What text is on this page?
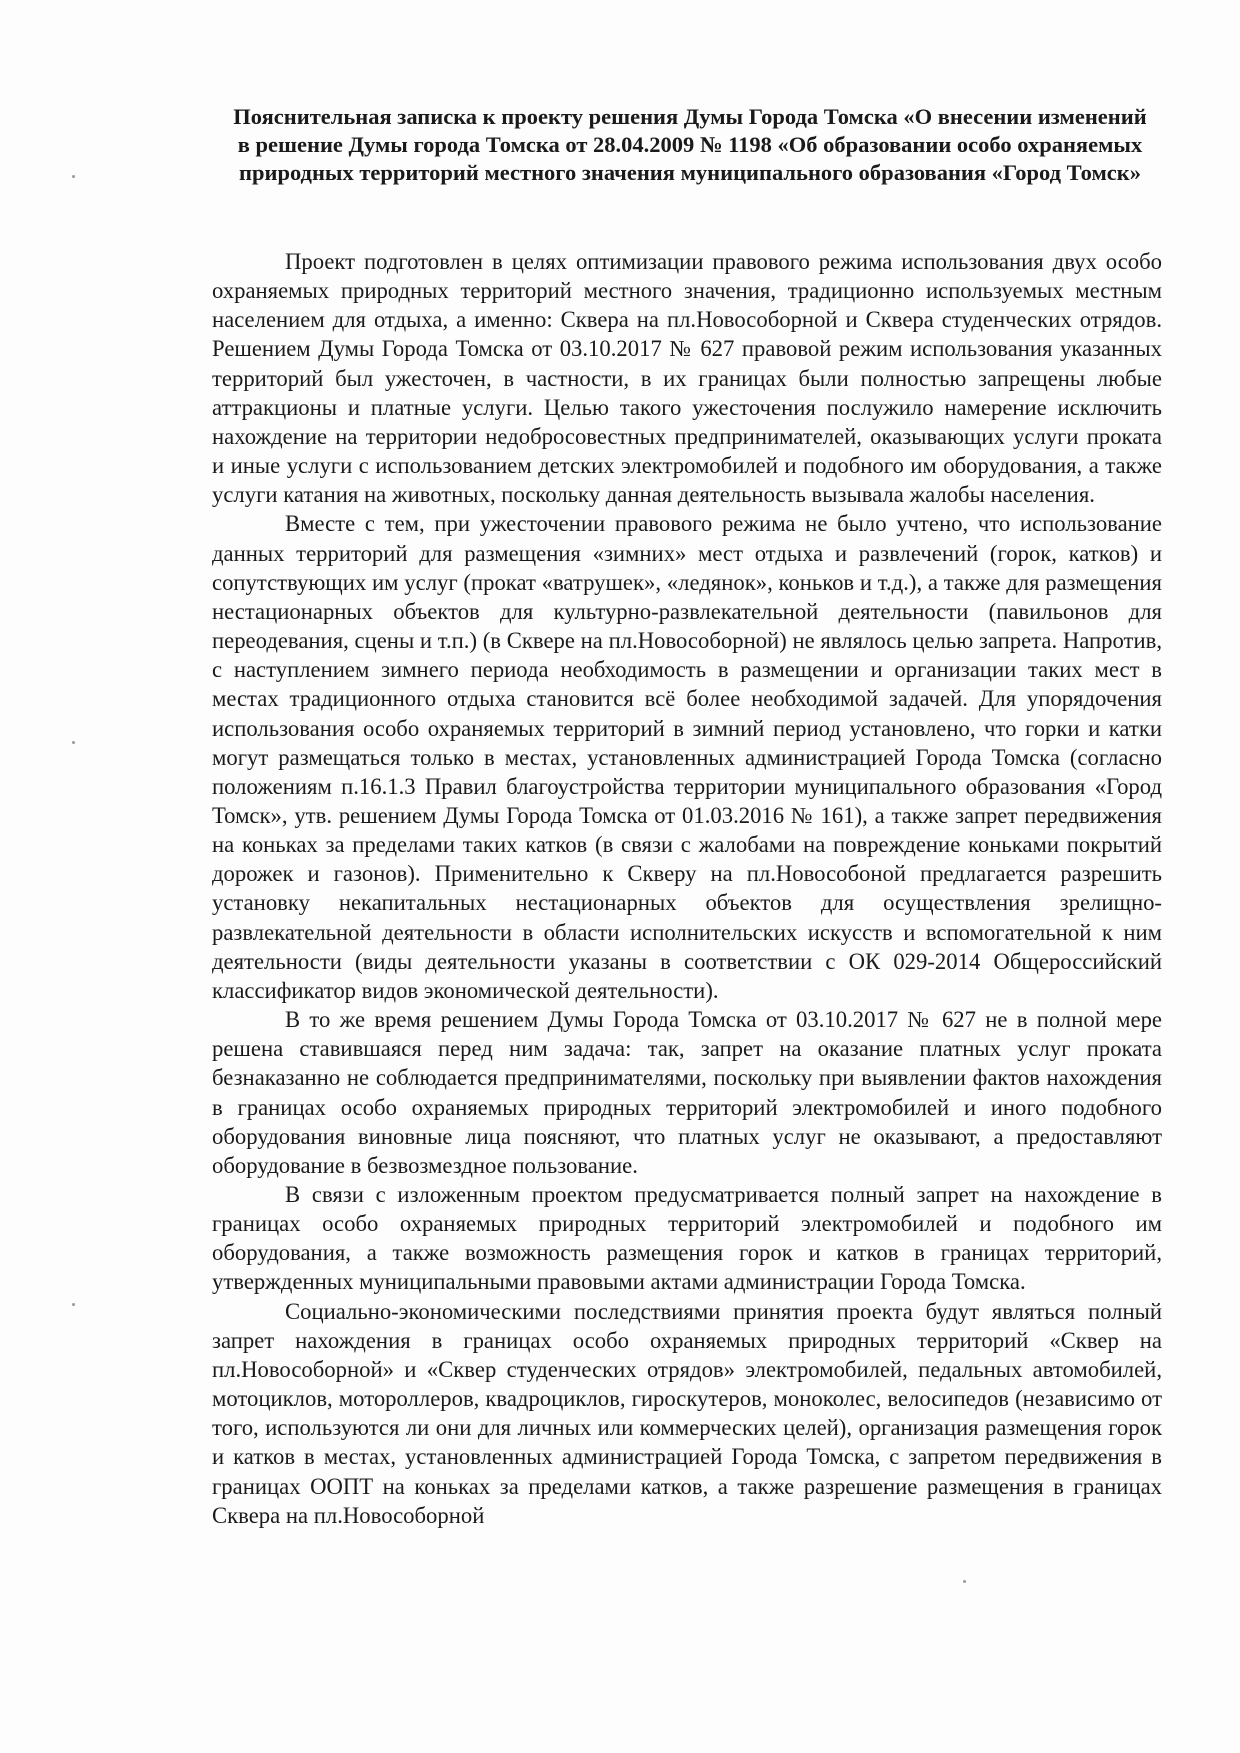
Пояснительная записка к проекту решения Думы Города Томска «О внесении изменений в решение Думы города Томска от 28.04.2009 № 1198 «Об образовании особо охраняемых природных территорий местного значения муниципального образования «Город Томск»

Проект подготовлен в целях оптимизации правового режима использования двух особо охраняемых природных территорий местного значения, традиционно используемых местным населением для отдыха, а именно: Сквера на пл.Новособорной и Сквера студенческих отрядов. Решением Думы Города Томска от 03.10.2017 № 627 правовой режим использования указанных территорий был ужесточен, в частности, в их границах были полностью запрещены любые аттракционы и платные услуги. Целью такого ужесточения послужило намерение исключить нахождение на территории недобросовестных предпринимателей, оказывающих услуги проката и иные услуги с использованием детских электромобилей и подобного им оборудования, а также услуги катания на животных, поскольку данная деятельность вызывала жалобы населения.

Вместе с тем, при ужесточении правового режима не было учтено, что использование данных территорий для размещения «зимних» мест отдыха и развлечений (горок, катков) и сопутствующих им услуг (прокат «ватрушек», «ледянок», коньков и т.д.), а также для размещения нестационарных объектов для культурно-развлекательной деятельности (павильонов для переодевания, сцены и т.п.) (в Сквере на пл.Новособорной) не являлось целью запрета. Напротив, с наступлением зимнего периода необходимость в размещении и организации таких мест в местах традиционного отдыха становится всё более необходимой задачей. Для упорядочения использования особо охраняемых территорий в зимний период установлено, что горки и катки могут размещаться только в местах, установленных администрацией Города Томска (согласно положениям п.16.1.3 Правил благоустройства территории муниципального образования «Город Томск», утв. решением Думы Города Томска от 01.03.2016 № 161), а также запрет передвижения на коньках за пределами таких катков (в связи с жалобами на повреждение коньками покрытий дорожек и газонов). Применительно к Скверу на пл.Новособоной предлагается разрешить установку некапитальных нестационарных объектов для осуществления зрелищно-развлекательной деятельности в области исполнительских искусств и вспомогательной к ним деятельности (виды деятельности указаны в соответствии с ОК 029-2014 Общероссийский классификатор видов экономической деятельности).

В то же время решением Думы Города Томска от 03.10.2017 № 627 не в полной мере решена ставившаяся перед ним задача: так, запрет на оказание платных услуг проката безнаказанно не соблюдается предпринимателями, поскольку при выявлении фактов нахождения в границах особо охраняемых природных территорий электромобилей и иного подобного оборудования виновные лица поясняют, что платных услуг не оказывают, а предоставляют оборудование в безвозмездное пользование.

В связи с изложенным проектом предусматривается полный запрет на нахождение в границах особо охраняемых природных территорий электромобилей и подобного им оборудования, а также возможность размещения горок и катков в границах территорий, утвержденных муниципальными правовыми актами администрации Города Томска.

Социально-экономическими последствиями принятия проекта будут являться полный запрет нахождения в границах особо охраняемых природных территорий «Сквер на пл.Новособорной» и «Сквер студенческих отрядов» электромобилей, педальных автомобилей, мотоциклов, мотороллеров, квадроциклов, гироскутеров, моноколес, велосипедов (независимо от того, используются ли они для личных или коммерческих целей), организация размещения горок и катков в местах, установленных администрацией Города Томска, с запретом передвижения в границах ООПТ на коньках за пределами катков, а также разрешение размещения в границах Сквера на пл.Новособорной
